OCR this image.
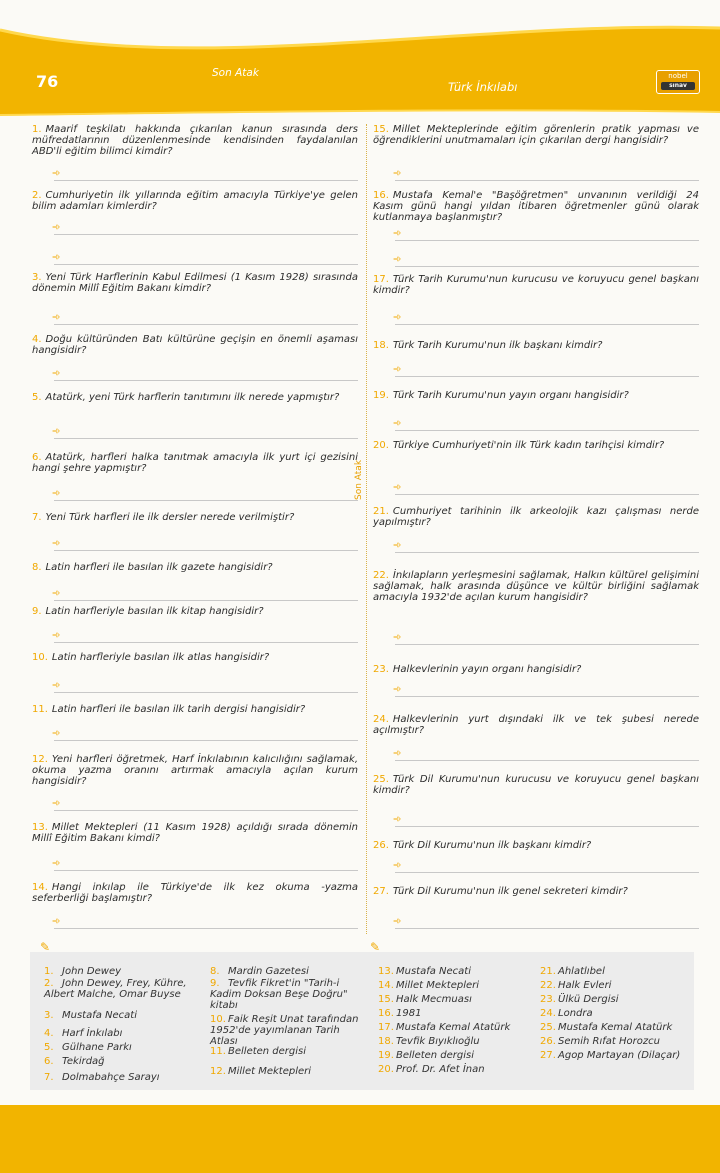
76	Son Atak
Türk İnkılabı
nobel
sınav
Son Atak
1. Maarif teşkilatı hakkında çıkarılan kanun sırasında ders müfredatlarının düzenlenmesinde kendisinden faydalanılan ABD'li eğitim bilimci kimdir?
➾
2. Cumhuriyetin ilk yıllarında eğitim amacıyla Türkiye'ye gelen bilim adamları kimlerdir?
➾
➾
3. Yeni Türk Harflerinin Kabul Edilmesi (1 Kasım 1928) sırasında dönemin Millî Eğitim Bakanı kimdir?
➾
4. Doğu kültüründen Batı kültürüne geçişin en önemli aşaması hangisidir?
➾
5. Atatürk, yeni Türk harflerin tanıtımını ilk nerede yapmıştır?
➾
6. Atatürk, harfleri halka tanıtmak amacıyla ilk yurt içi gezisini hangi şehre yapmıştır?
➾
7. Yeni Türk harfleri ile ilk dersler nerede verilmiştir?
➾
8. Latin harfleri ile basılan ilk gazete hangisidir?
➾
9. Latin harfleriyle basılan ilk kitap hangisidir?
➾
10. Latin harfleriyle basılan ilk atlas hangisidir?
➾
11. Latin harfleri ile basılan ilk tarih dergisi hangisidir?
➾
12. Yeni harfleri öğretmek, Harf İnkılabının kalıcılığını sağlamak, okuma yazma oranını artırmak amacıyla açılan kurum hangisidir?
➾
13. Millet Mektepleri (11 Kasım 1928) açıldığı sırada dönemin Millî Eğitim Bakanı kimdi?
➾
14. Hangi inkılap ile Türkiye'de ilk kez okuma -yazma seferberliği başlamıştır?
➾
15. Millet Mekteplerinde eğitim görenlerin pratik yapması ve öğrendiklerini unutmamaları için çıkarılan dergi hangisidir?
➾
16. Mustafa Kemal'e "Başöğretmen" unvanının verildiği 24 Kasım günü hangi yıldan itibaren öğretmenler günü olarak kutlanmaya başlanmıştır?
➾
➾
17. Türk Tarih Kurumu'nun kurucusu ve koruyucu genel başkanı kimdir?
➾
18. Türk Tarih Kurumu'nun ilk başkanı kimdir?
➾
19. Türk Tarih Kurumu'nun yayın organı hangisidir?
➾
20. Türkiye Cumhuriyeti'nin ilk Türk kadın tarihçisi kimdir?
➾
21. Cumhuriyet tarihinin ilk arkeolojik kazı çalışması nerde yapılmıştır?
➾
22. İnkılapların yerleşmesini sağlamak, Halkın kültürel gelişimini sağlamak, halk arasında düşünce ve kültür birliğini sağlamak amacıyla 1932'de açılan kurum hangisidir?
➾
23. Halkevlerinin yayın organı hangisidir?
➾
24. Halkevlerinin yurt dışındaki ilk ve tek şubesi nerede açılmıştır?
➾
25. Türk Dil Kurumu'nun kurucusu ve koruyucu genel başkanı kimdir?
➾
26. Türk Dil Kurumu'nun ilk başkanı kimdir?
➾
27. Türk Dil Kurumu'nun ilk genel sekreteri kimdir?
➾
✎	✎
1. John Dewey
2. John Dewey, Frey, Kühre, Albert Malche, Omar Buyse
3. Mustafa Necati
4. Harf İnkılabı
5. Gülhane Parkı
6. Tekirdağ
7. Dolmabahçe Sarayı
8. Mardin Gazetesi
9. Tevfik Fikret'in "Tarih-i Kadim Doksan Beşe Doğru" kitabı
10. Faik Reşit Unat tarafından 1952'de yayımlanan Tarih Atlası
11. Belleten dergisi
12. Millet Mektepleri
13. Mustafa Necati
14. Millet Mektepleri
15. Halk Mecmuası
16. 1981
17. Mustafa Kemal Atatürk
18. Tevfik Bıyıklıoğlu
19. Belleten dergisi
20. Prof. Dr. Afet İnan
21. Ahlatlıbel
22. Halk Evleri
23. Ülkü Dergisi
24. Londra
25. Mustafa Kemal Atatürk
26. Semih Rıfat Horozcu
27. Agop Martayan (Dilaçar)
